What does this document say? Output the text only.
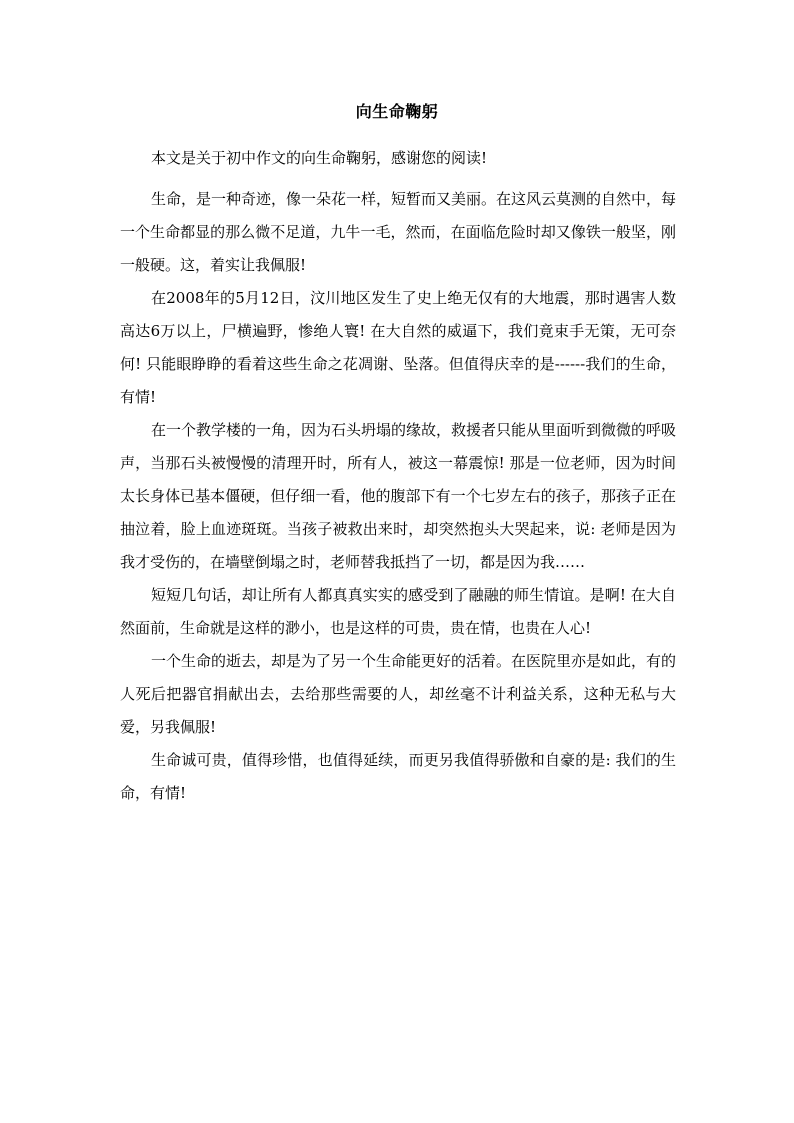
向生命鞠躬

本文是关于初中作文的向生命鞠躬，感谢您的阅读!

生命，是一种奇迹，像一朵花一样，短暂而又美丽。在这风云莫测的自然中，每一个生命都显的那么微不足道，九牛一毛，然而，在面临危险时却又像铁一般坚，刚一般硬。这，着实让我佩服!

在2008年的5月12日，汶川地区发生了史上绝无仅有的大地震，那时遇害人数高达6万以上，尸横遍野，惨绝人寰! 在大自然的威逼下，我们竟束手无策，无可奈何! 只能眼睁睁的看着这些生命之花凋谢、坠落。但值得庆幸的是------我们的生命，有情!

在一个教学楼的一角，因为石头坍塌的缘故，救援者只能从里面听到微微的呼吸声，当那石头被慢慢的清理开时，所有人，被这一幕震惊! 那是一位老师，因为时间太长身体已基本僵硬，但仔细一看，他的腹部下有一个七岁左右的孩子，那孩子正在抽泣着，脸上血迹斑斑。当孩子被救出来时，却突然抱头大哭起来，说: 老师是因为我才受伤的，在墙壁倒塌之时，老师替我抵挡了一切，都是因为我……

短短几句话，却让所有人都真真实实的感受到了融融的师生情谊。是啊! 在大自然面前，生命就是这样的渺小，也是这样的可贵，贵在情，也贵在人心!

一个生命的逝去，却是为了另一个生命能更好的活着。在医院里亦是如此，有的人死后把器官捐献出去，去给那些需要的人，却丝毫不计利益关系，这种无私与大爱，另我佩服!

生命诚可贵，值得珍惜，也值得延续，而更另我值得骄傲和自豪的是: 我们的生命，有情!
